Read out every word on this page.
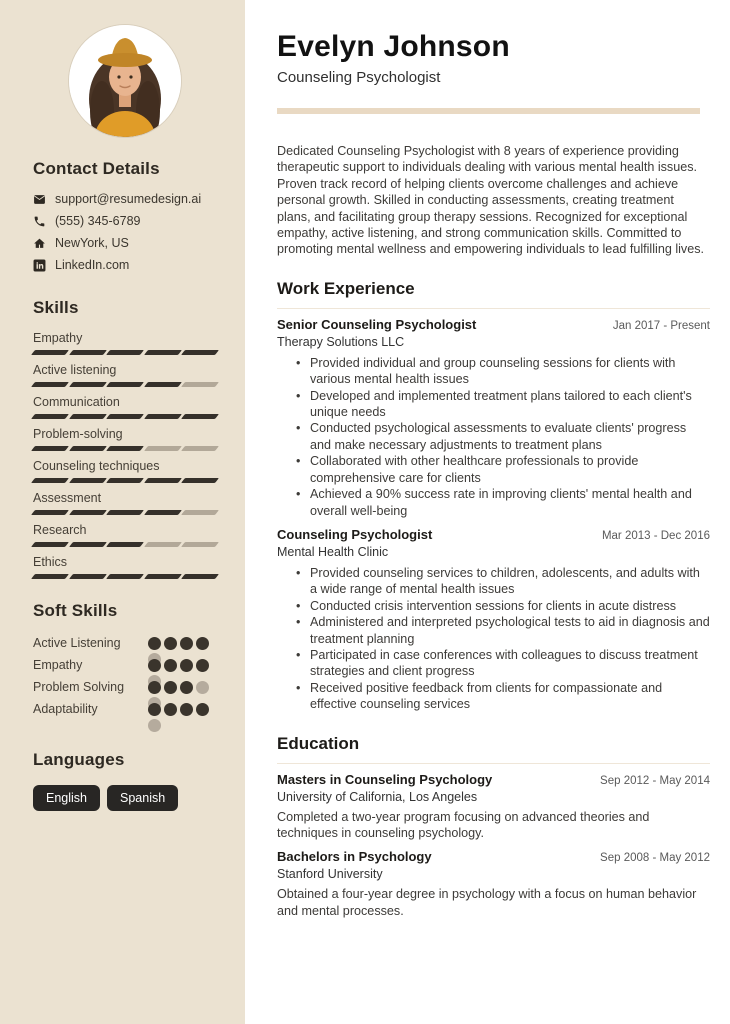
Contact Details
support@resumedesign.ai
(555) 345-6789
NewYork, US
LinkedIn.com
Skills
Empathy
Active listening
Communication
Problem-solving
Counseling techniques
Assessment
Research
Ethics
Soft Skills
Active Listening
Empathy
Problem Solving
Adaptability
Languages
English	Spanish
Evelyn Johnson
Counseling Psychologist

Dedicated Counseling Psychologist with 8 years of experience providing therapeutic support to individuals dealing with various mental health issues. Proven track record of helping clients overcome challenges and achieve personal growth. Skilled in conducting assessments, creating treatment plans, and facilitating group therapy sessions. Recognized for exceptional empathy, active listening, and strong communication skills. Committed to promoting mental wellness and empowering individuals to lead fulfilling lives.

Work Experience
Senior Counseling Psychologist	Jan 2017 - Present
Therapy Solutions LLC
• Provided individual and group counseling sessions for clients with various mental health issues
• Developed and implemented treatment plans tailored to each client's unique needs
• Conducted psychological assessments to evaluate clients' progress and make necessary adjustments to treatment plans
• Collaborated with other healthcare professionals to provide comprehensive care for clients
• Achieved a 90% success rate in improving clients' mental health and overall well-being
Counseling Psychologist	Mar 2013 - Dec 2016
Mental Health Clinic
• Provided counseling services to children, adolescents, and adults with a wide range of mental health issues
• Conducted crisis intervention sessions for clients in acute distress
• Administered and interpreted psychological tests to aid in diagnosis and treatment planning
• Participated in case conferences with colleagues to discuss treatment strategies and client progress
• Received positive feedback from clients for compassionate and effective counseling services
Education
Masters in Counseling Psychology	Sep 2012 - May 2014
University of California, Los Angeles

Completed a two-year program focusing on advanced theories and techniques in counseling psychology.

Bachelors in Psychology	Sep 2008 - May 2012
Stanford University

Obtained a four-year degree in psychology with a focus on human behavior and mental processes.
